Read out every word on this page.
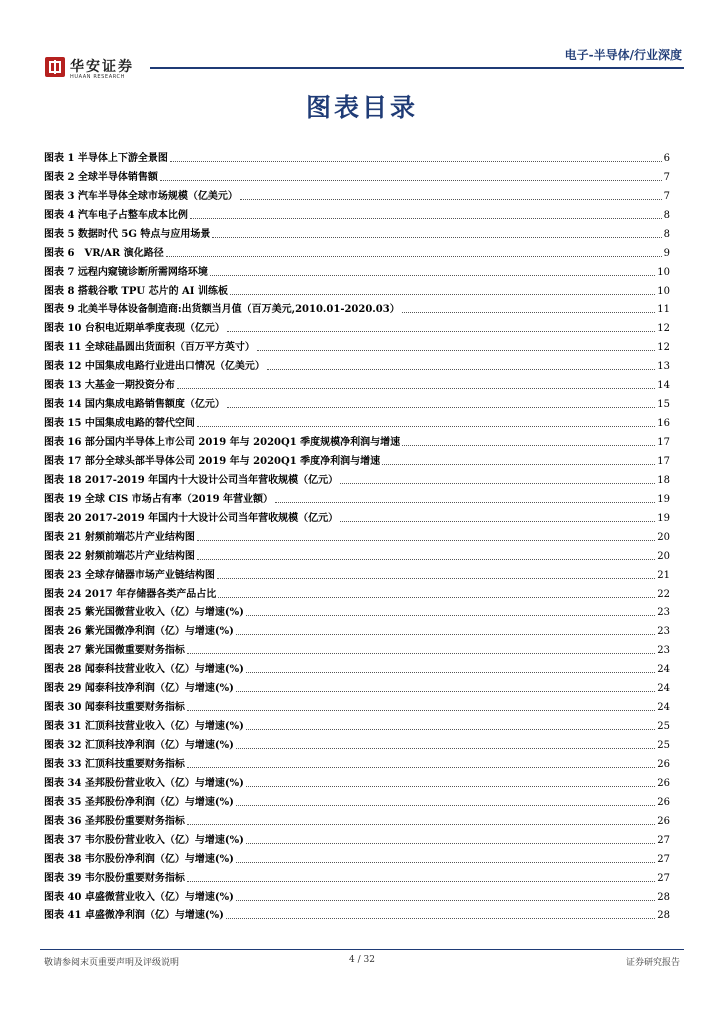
华安证券
HUAAN RESEARCH
电子-半导体/行业深度
图表目录
图表 1 半导体上下游全景图	6
图表 2 全球半导体销售额	7
图表 3 汽车半导体全球市场规模（亿美元）	7
图表 4 汽车电子占整车成本比例	8
图表 5 数据时代 5G 特点与应用场景	8
图表 6　VR/AR 演化路径	9
图表 7 远程内窥镜诊断所需网络环境	10
图表 8 搭载谷歌 TPU 芯片的 AI 训练板	10
图表 9 北美半导体设备制造商:出货额当月值（百万美元,2010.01-2020.03）	11
图表 10 台积电近期单季度表现（亿元）	12
图表 11 全球硅晶圆出货面积（百万平方英寸）	12
图表 12 中国集成电路行业进出口情况（亿美元）	13
图表 13 大基金一期投资分布	14
图表 14 国内集成电路销售额度（亿元）	15
图表 15 中国集成电路的替代空间	16
图表 16 部分国内半导体上市公司 2019 年与 2020Q1 季度规模净利润与增速	17
图表 17 部分全球头部半导体公司 2019 年与 2020Q1 季度净利润与增速	17
图表 18 2017-2019 年国内十大设计公司当年营收规模（亿元）	18
图表 19 全球 CIS 市场占有率（2019 年营业额）	19
图表 20 2017-2019 年国内十大设计公司当年营收规模（亿元）	19
图表 21 射频前端芯片产业结构图	20
图表 22 射频前端芯片产业结构图	20
图表 23 全球存储器市场产业链结构图	21
图表 24 2017 年存储器各类产品占比	22
图表 25 紫光国微营业收入（亿）与增速(%)	23
图表 26 紫光国微净利润（亿）与增速(%)	23
图表 27 紫光国微重要财务指标	23
图表 28 闻泰科技营业收入（亿）与增速(%)	24
图表 29 闻泰科技净利润（亿）与增速(%)	24
图表 30 闻泰科技重要财务指标	24
图表 31 汇顶科技营业收入（亿）与增速(%)	25
图表 32 汇顶科技净利润（亿）与增速(%)	25
图表 33 汇顶科技重要财务指标	26
图表 34 圣邦股份营业收入（亿）与增速(%)	26
图表 35 圣邦股份净利润（亿）与增速(%)	26
图表 36 圣邦股份重要财务指标	26
图表 37 韦尔股份营业收入（亿）与增速(%)	27
图表 38 韦尔股份净利润（亿）与增速(%)	27
图表 39 韦尔股份重要财务指标	27
图表 40 卓盛微营业收入（亿）与增速(%)	28
图表 41 卓盛微净利润（亿）与增速(%)	28
敬请参阅末页重要声明及评级说明	4 / 32	证券研究报告
